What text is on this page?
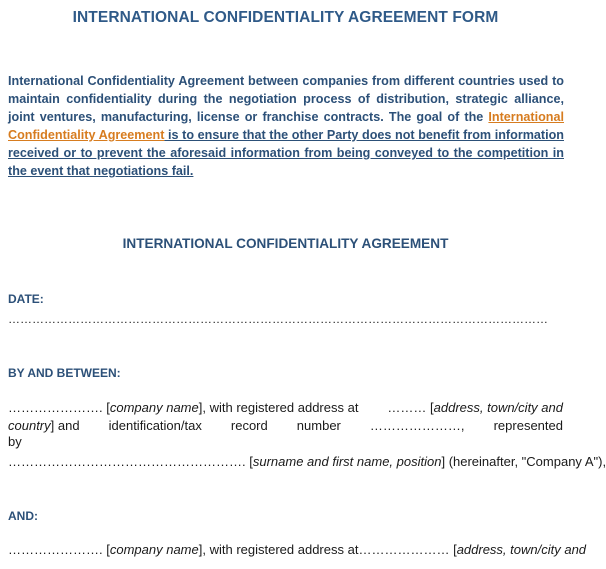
INTERNATIONAL CONFIDENTIALITY AGREEMENT FORM
International Confidentiality Agreement between companies from different countries used to maintain confidentiality during the negotiation process of distribution, strategic alliance, joint ventures, manufacturing, license or franchise contracts. The goal of the International Confidentiality Agreement is to ensure that the other Party does not benefit from information received or to prevent the aforesaid information from being conveyed to the competition in the event that negotiations fail.
INTERNATIONAL CONFIDENTIALITY AGREEMENT
DATE:
………………………………………………………………………………………………………………………
BY AND BETWEEN:
…………………. [company name], with registered address at ……… [address, town/city and
country] and identification/tax record number …………………, represented
by
………………………………………………. [surname and first name, position] (hereinafter, "Company A"),
AND:
…………………. [company name], with registered address at ………………… [address, town/city and
